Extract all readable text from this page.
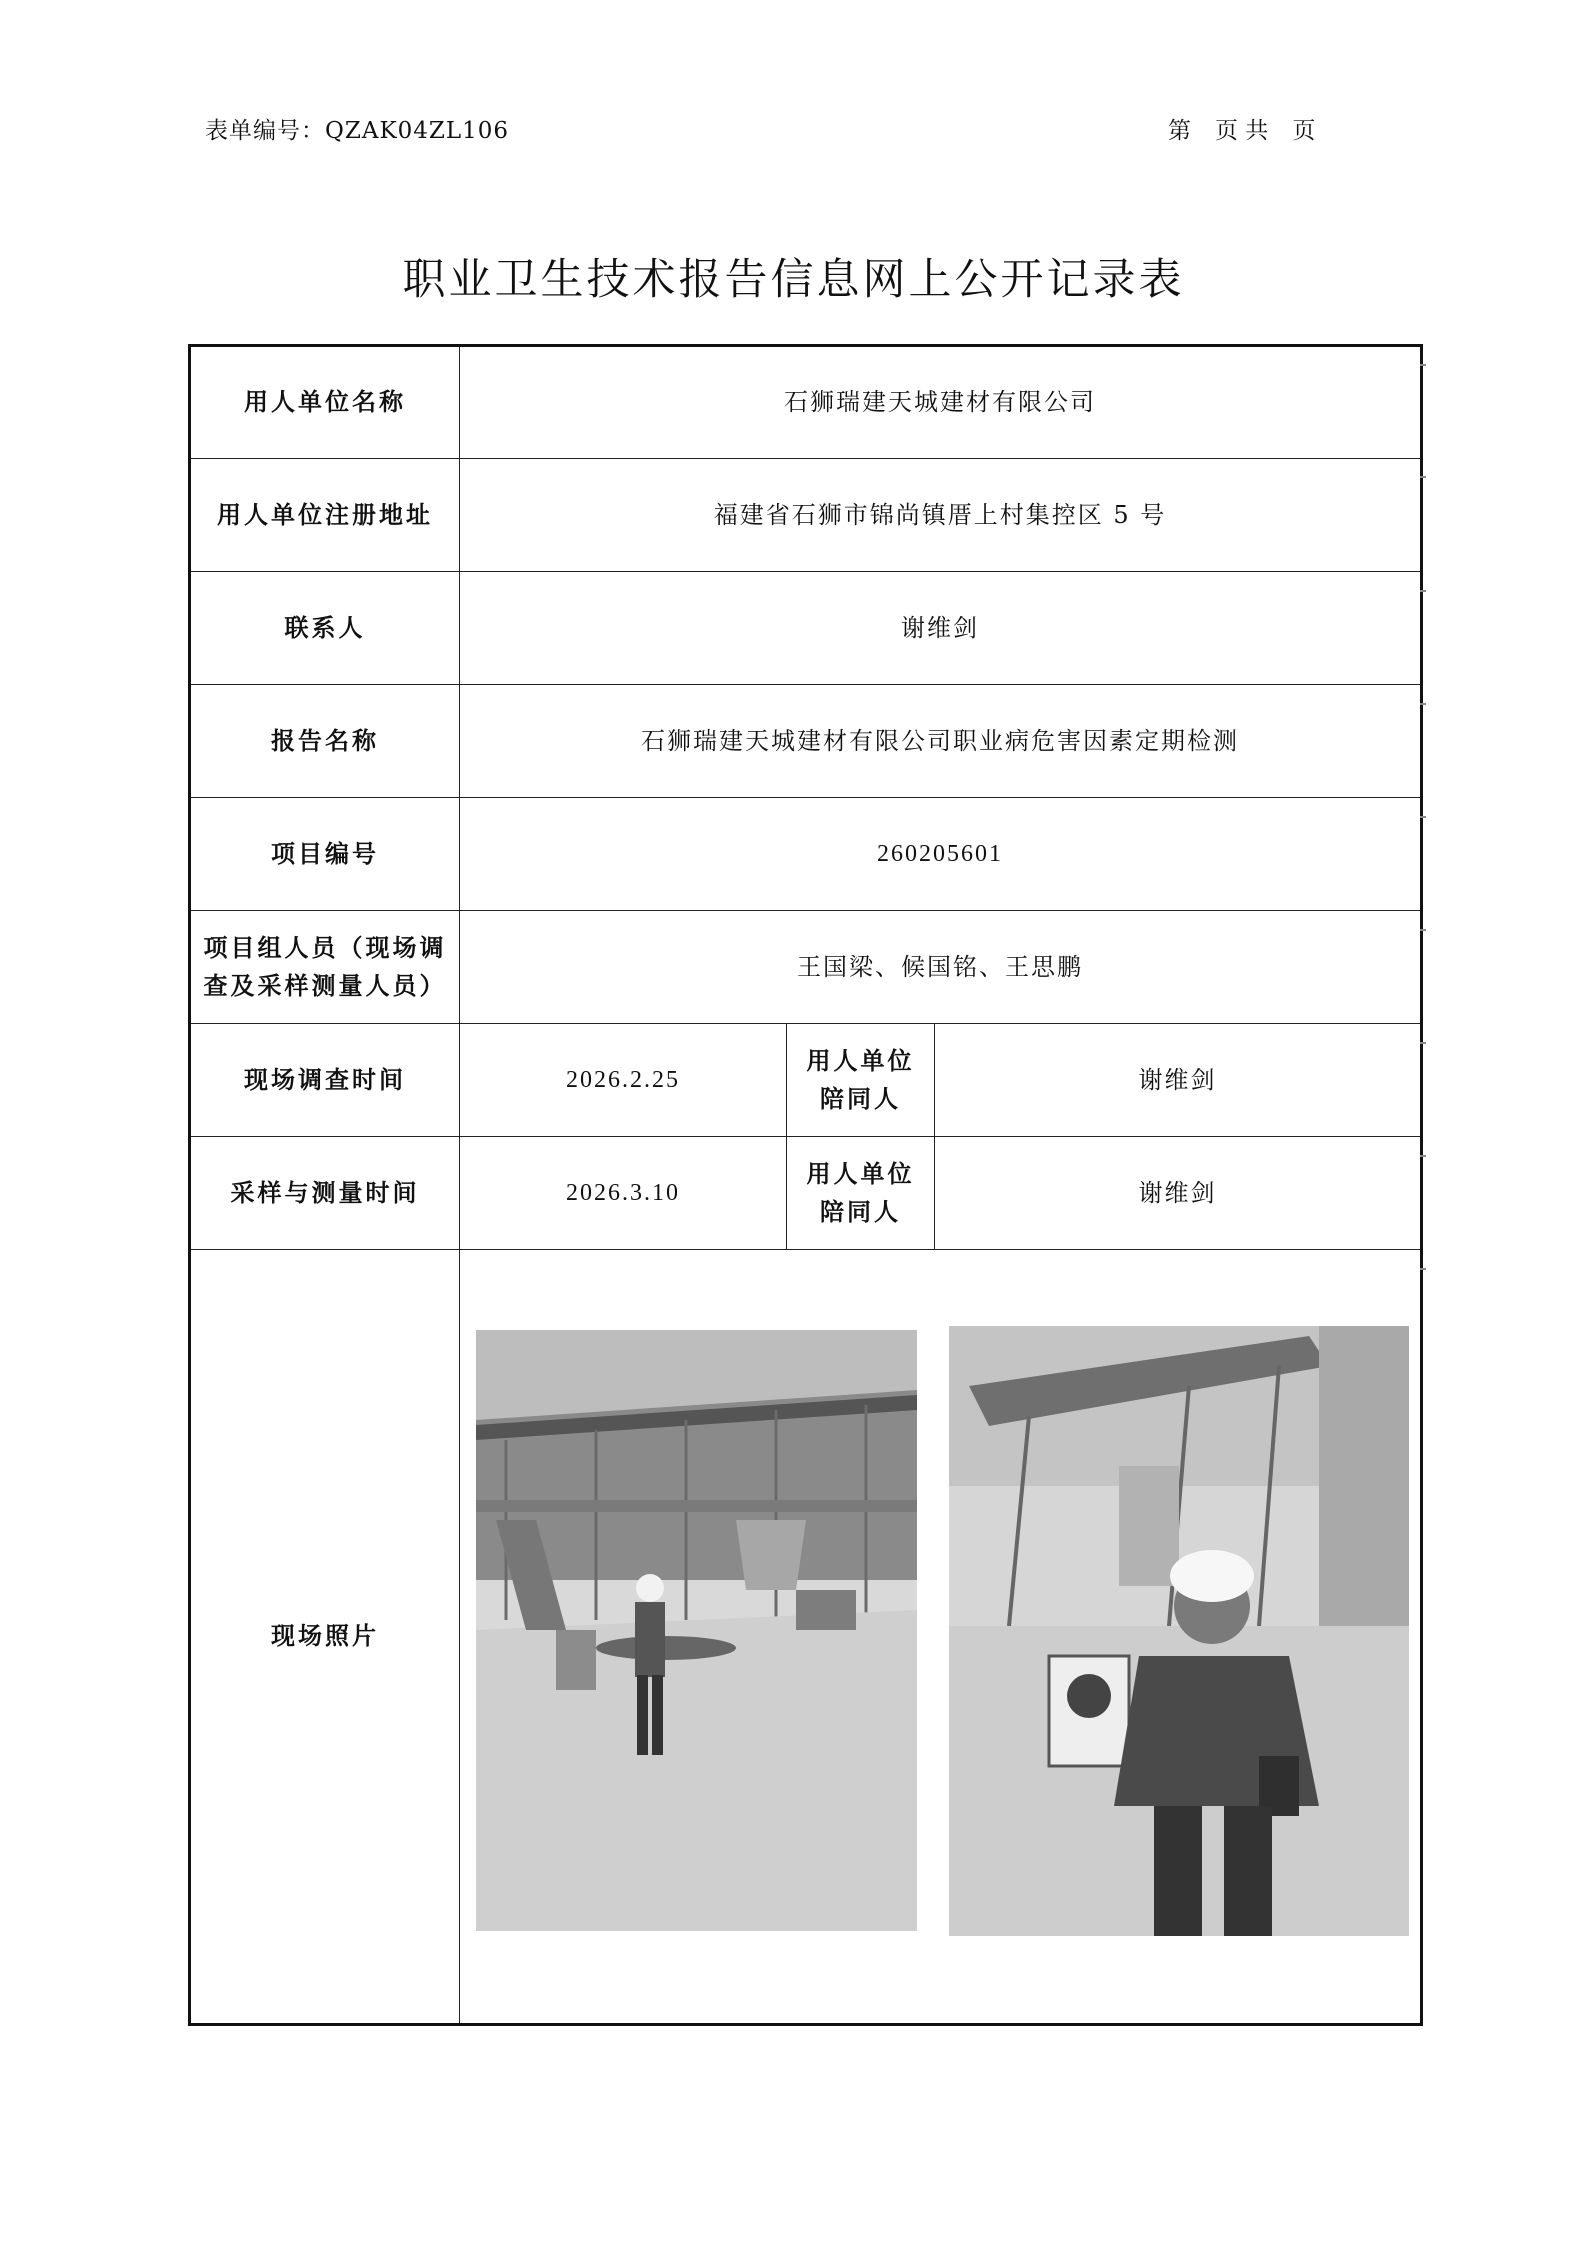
表单编号：QZAK04ZL106	第 页 共 页
职业卫生技术报告信息网上公开记录表
用人单位名称	石狮瑞建天城建材有限公司		
用人单位注册地址	福建省石狮市锦尚镇厝上村集控区 5 号		
联系人	谢维剑		
报告名称	石狮瑞建天城建材有限公司职业病危害因素定期检测		
项目编号	260205601		

项目组人员（现场调
查及采样测量人员）	王国梁、候国铭、王思鹏		
现场调查时间	2026.2.25	用人单位
陪同人	谢维剑
采样与测量时间	2026.3.10	用人单位
陪同人	谢维剑
现场照片	
